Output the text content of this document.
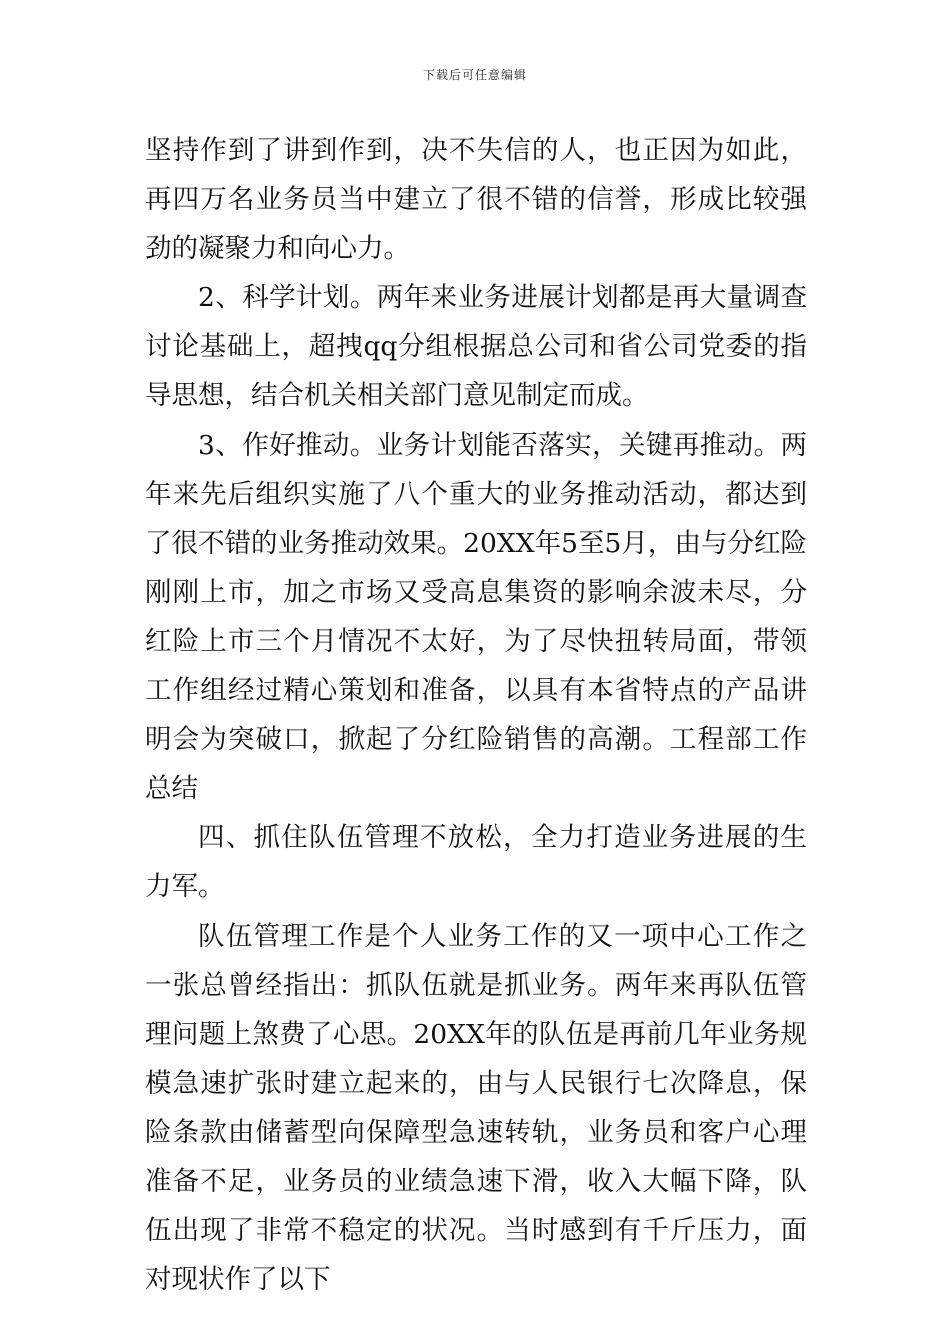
下载后可任意编辑

坚持作到了讲到作到，决不失信的人，也正因为如此，再四万名业务员当中建立了很不错的信誉，形成比较强劲的凝聚力和向心力。

2、科学计划。两年来业务进展计划都是再大量调查讨论基础上，超拽qq分组根据总公司和省公司党委的指导思想，结合机关相关部门意见制定而成。

3、作好推动。业务计划能否落实，关键再推动。两年来先后组织实施了八个重大的业务推动活动，都达到了很不错的业务推动效果。20XX年5至5月，由与分红险刚刚上市，加之市场又受高息集资的影响余波未尽，分红险上市三个月情况不太好，为了尽快扭转局面，带领工作组经过精心策划和准备，以具有本省特点的产品讲明会为突破口，掀起了分红险销售的高潮。工程部工作总结

四、抓住队伍管理不放松，全力打造业务进展的生力军。

队伍管理工作是个人业务工作的又一项中心工作之一张总曾经指出：抓队伍就是抓业务。两年来再队伍管理问题上煞费了心思。20XX年的队伍是再前几年业务规模急速扩张时建立起来的，由与人民银行七次降息，保险条款由储蓄型向保障型急速转轨，业务员和客户心理准备不足，业务员的业绩急速下滑，收入大幅下降，队伍出现了非常不稳定的状况。当时感到有千斤压力，面对现状作了以下
